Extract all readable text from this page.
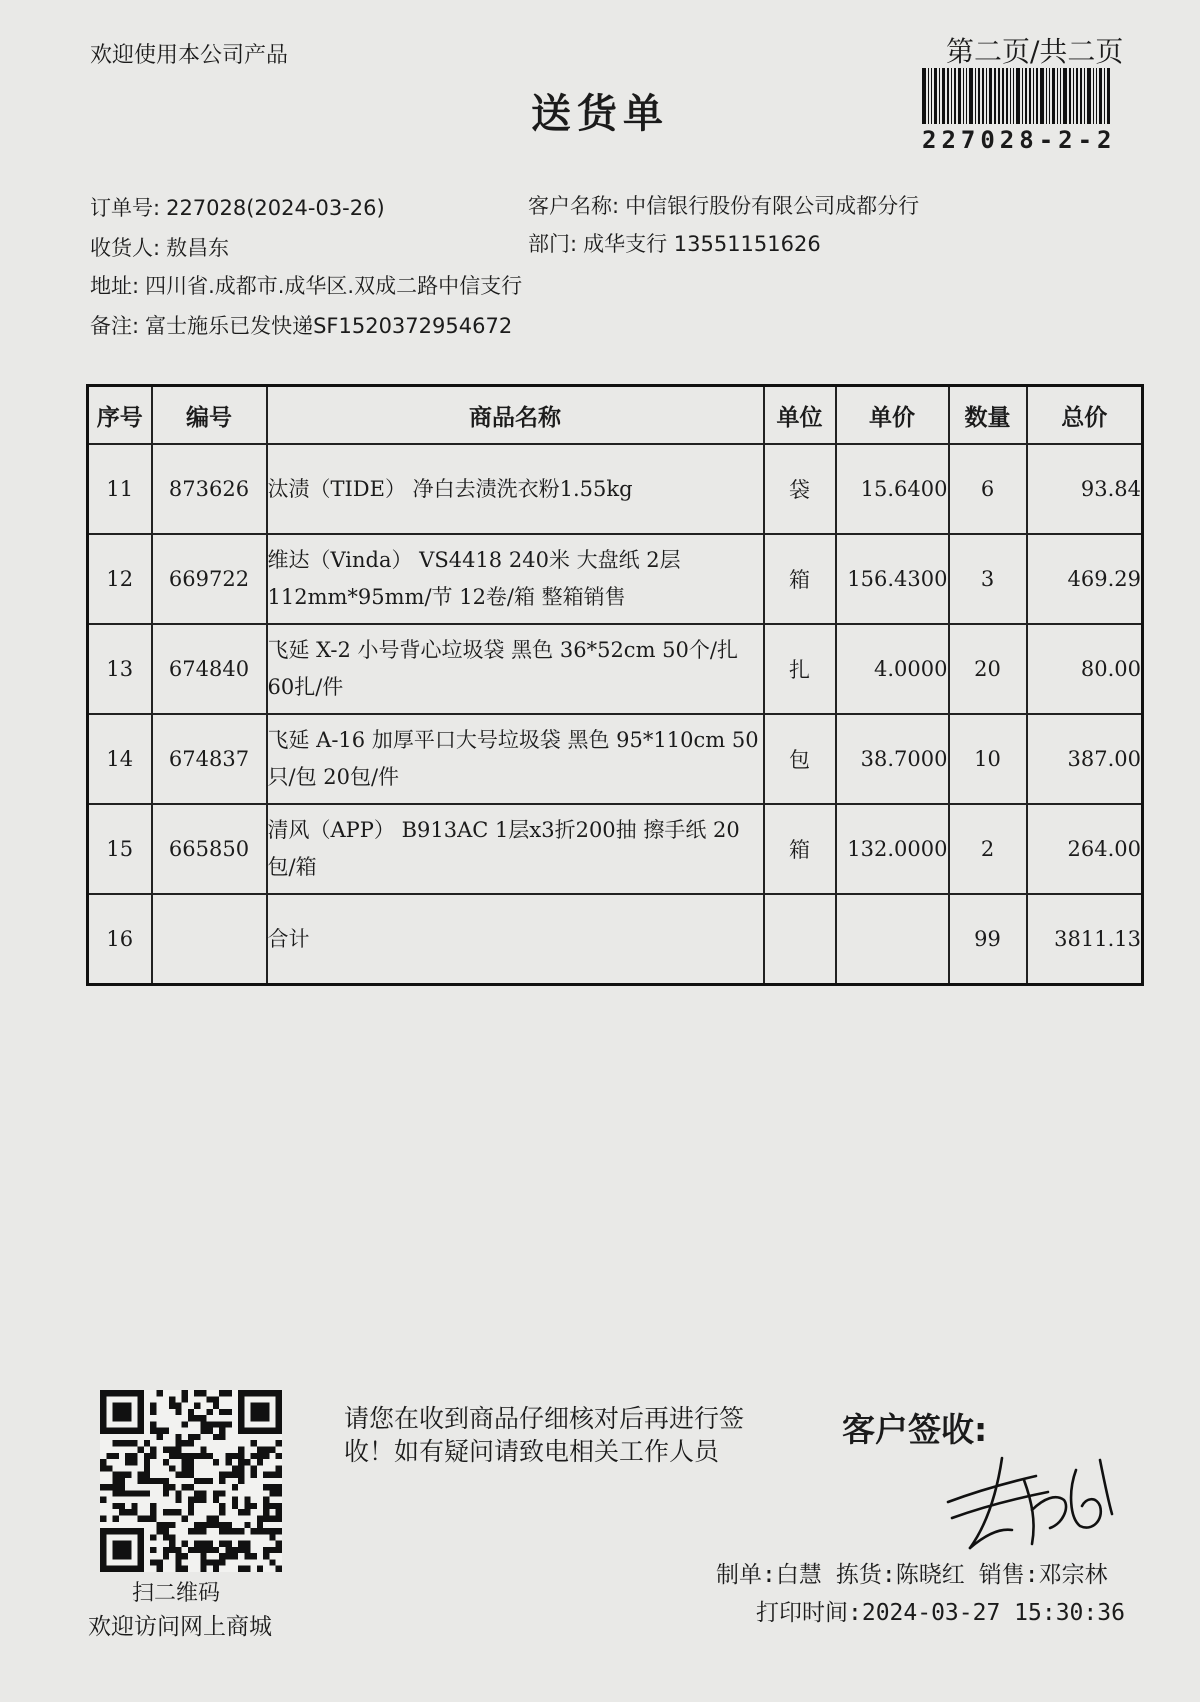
欢迎使用本公司产品	第二页/共二页
227028-2-2
送货单
订单号: 227028(2024-03-26)
收货人: 敖昌东
地址: 四川省.成都市.成华区.双成二路中信支行
备注: 富士施乐已发快递SF1520372954672
客户名称: 中信银行股份有限公司成都分行
部门: 成华支行 13551151626
序号	编号	商品名称	单位	单价	数量	总价
11	873626	汰渍（TIDE） 净白去渍洗衣粉1.55kg	袋	15.6400	6	93.84
12	669722	维达（Vinda） VS4418 240米 大盘纸 2层 112mm*95mm/节 12卷/箱 整箱销售	箱	156.4300	3	469.29
13	674840	飞延 X-2 小号背心垃圾袋 黑色 36*52cm 50个/扎 60扎/件	扎	4.0000	20	80.00
14	674837	飞延 A-16 加厚平口大号垃圾袋 黑色 95*110cm 50只/包 20包/件	包	38.7000	10	387.00
15	665850	清风（APP） B913AC 1层x3折200抽 擦手纸 20包/箱	箱	132.0000	2	264.00
16		合计			99	3811.13
扫二维码
欢迎访问网上商城
请您在收到商品仔细核对后再进行签收！如有疑问请致电相关工作人员
客户签收:
制单:白慧 拣货:陈晓红 销售:邓宗林
打印时间:2024-03-27 15:30:36
